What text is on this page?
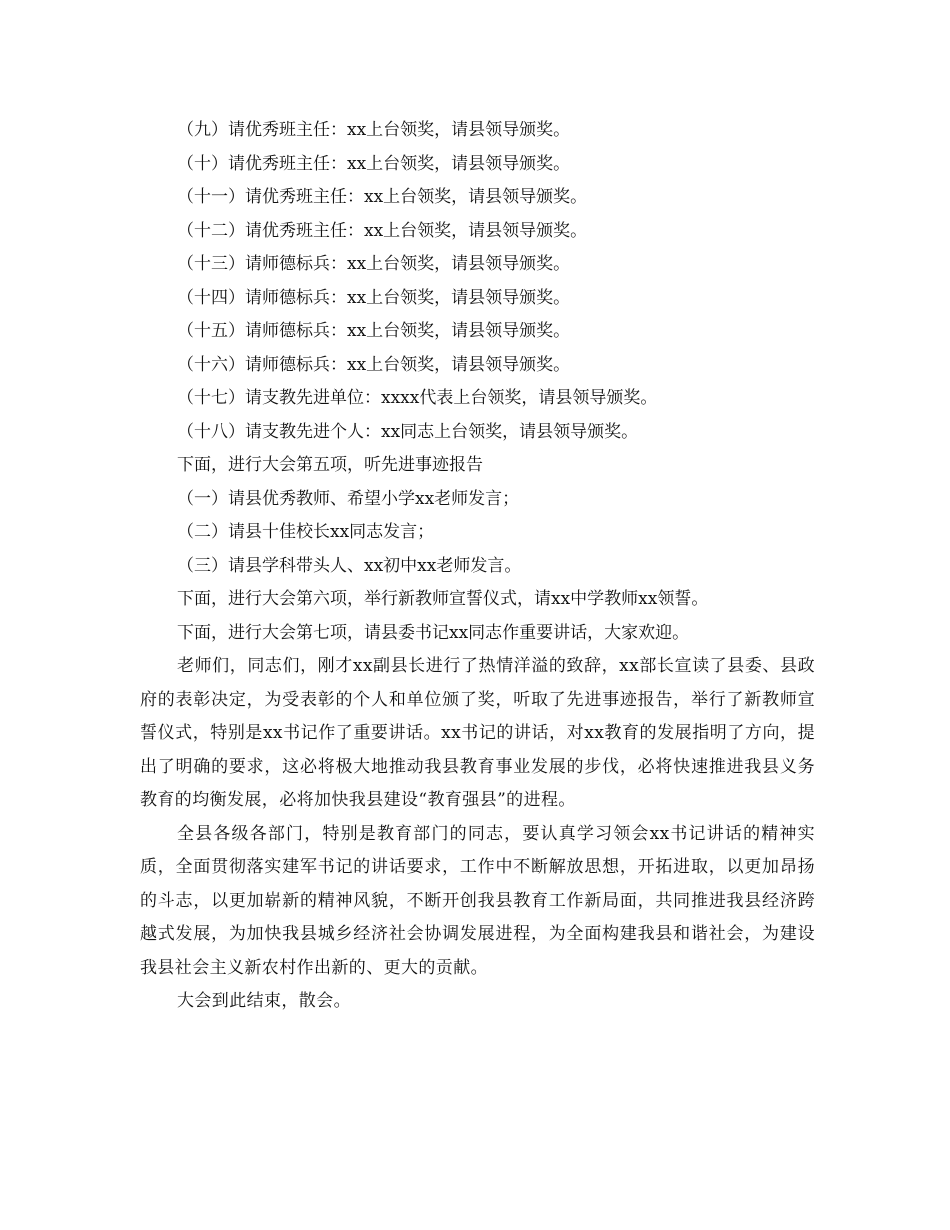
（九）请优秀班主任：xx上台领奖，请县领导颁奖。

（十）请优秀班主任：xx上台领奖，请县领导颁奖。

（十一）请优秀班主任：xx上台领奖，请县领导颁奖。

（十二）请优秀班主任：xx上台领奖，请县领导颁奖。

（十三）请师德标兵：xx上台领奖，请县领导颁奖。

（十四）请师德标兵：xx上台领奖，请县领导颁奖。

（十五）请师德标兵：xx上台领奖，请县领导颁奖。

（十六）请师德标兵：xx上台领奖，请县领导颁奖。

（十七）请支教先进单位：xxxx代表上台领奖，请县领导颁奖。

（十八）请支教先进个人：xx同志上台领奖，请县领导颁奖。

下面，进行大会第五项，听先进事迹报告

（一）请县优秀教师、希望小学xx老师发言；

（二）请县十佳校长xx同志发言；

（三）请县学科带头人、xx初中xx老师发言。

下面，进行大会第六项，举行新教师宣誓仪式，请xx中学教师xx领誓。

下面，进行大会第七项，请县委书记xx同志作重要讲话，大家欢迎。

老师们，同志们，刚才xx副县长进行了热情洋溢的致辞，xx部长宣读了县委、县政府的表彰决定，为受表彰的个人和单位颁了奖，听取了先进事迹报告，举行了新教师宣誓仪式，特别是xx书记作了重要讲话。xx书记的讲话，对xx教育的发展指明了方向，提出了明确的要求，这必将极大地推动我县教育事业发展的步伐，必将快速推进我县义务教育的均衡发展，必将加快我县建设“教育强县”的进程。

全县各级各部门，特别是教育部门的同志，要认真学习领会xx书记讲话的精神实质，全面贯彻落实建军书记的讲话要求，工作中不断解放思想，开拓进取，以更加昂扬的斗志，以更加崭新的精神风貌，不断开创我县教育工作新局面，共同推进我县经济跨越式发展，为加快我县城乡经济社会协调发展进程，为全面构建我县和谐社会，为建设我县社会主义新农村作出新的、更大的贡献。

大会到此结束，散会。
